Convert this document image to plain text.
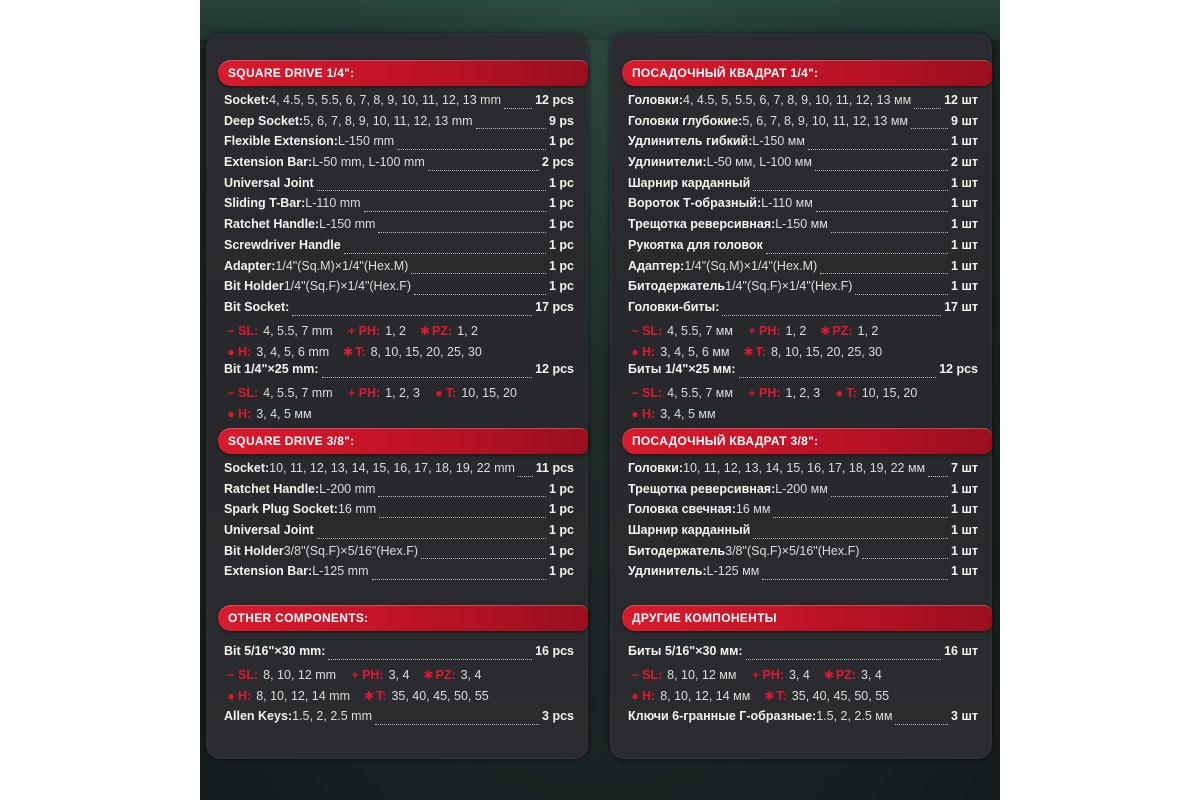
SQUARE DRIVE 1/4":
Socket: 4, 4.5, 5, 5.5, 6, 7, 8, 9, 10, 11, 12, 13 mm	12 pcs
Deep Socket: 5, 6, 7, 8, 9, 10, 11, 12, 13 mm	9 ps
Flexible Extension: L-150 mm	1 pc
Extension Bar: L-50 mm, L-100 mm	2 pcs
Universal Joint	1 pc
Sliding T-Bar: L-110 mm	1 pc
Ratchet Handle: L-150 mm	1 pc
Screwdriver Handle	1 pc
Adapter: 1/4"(Sq.M)×1/4"(Hex.M)	1 pc
Bit Holder 1/4"(Sq.F)×1/4"(Hex.F)	1 pc
Bit Socket:	17 pcs
− SL: 4, 5.5, 7 mm + PH: 1, 2 ✱ PZ: 1, 2
● H: 3, 4, 5, 6 mm ✱ T: 8, 10, 15, 20, 25, 30
Bit 1/4"×25 mm:	12 pcs
− SL: 4, 5.5, 7 mm + PH: 1, 2, 3 ● T: 10, 15, 20
● H: 3, 4, 5 мм
SQUARE DRIVE 3/8":
Socket: 10, 11, 12, 13, 14, 15, 16, 17, 18, 19, 22 mm 11 pcs
Ratchet Handle: L-200 mm	1 pc
Spark Plug Socket: 16 mm	1 pc
Universal Joint	1 pc
Bit Holder 3/8"(Sq.F)×5/16"(Hex.F)	1 pc
Extension Bar: L-125 mm	1 pc
OTHER COMPONENTS:
Bit 5/16"×30 mm:	16 pcs
− SL: 8, 10, 12 mm + PH: 3, 4 ✱ PZ: 3, 4
● H: 8, 10, 12, 14 mm ✱ T: 35, 40, 45, 50, 55
Allen Keys: 1.5, 2, 2.5 mm	3 pcs
ПОСАДОЧНЫЙ КВАДРАТ 1/4":
Головки: 4, 4.5, 5, 5.5, 6, 7, 8, 9, 10, 11, 12, 13 мм	12 шт
Головки глубокие: 5, 6, 7, 8, 9, 10, 11, 12, 13 мм	9 шт
Удлинитель гибкий: L-150 мм	1 шт
Удлинители: L-50 мм, L-100 мм	2 шт
Шарнир карданный	1 шт
Вороток Т-образный: L-110 мм	1 шт
Трещотка реверсивная: L-150 мм	1 шт
Рукоятка для головок	1 шт
Адаптер: 1/4"(Sq.M)×1/4"(Hex.M)	1 шт
Битодержатель 1/4"(Sq.F)×1/4"(Hex.F)	1 шт
Головки-биты:	17 шт
− SL: 4, 5.5, 7 мм + PH: 1, 2 ✱ PZ: 1, 2
● H: 3, 4, 5, 6 мм ✱ T: 8, 10, 15, 20, 25, 30
Биты 1/4"×25 мм:	12 pcs
− SL: 4, 5.5, 7 мм + PH: 1, 2, 3 ● T: 10, 15, 20
● H: 3, 4, 5 мм
ПОСАДОЧНЫЙ КВАДРАТ 3/8":
Головки: 10, 11, 12, 13, 14, 15, 16, 17, 18, 19, 22 мм 7 шт
Трещотка реверсивная: L-200 мм	1 шт
Головка свечная: 16 мм	1 шт
Шарнир карданный	1 шт
Битодержатель 3/8"(Sq.F)×5/16"(Hex.F)	1 шт
Удлинитель: L-125 мм	1 шт
ДРУГИЕ КОМПОНЕНТЫ
Биты 5/16"×30 мм:	16 шт
− SL: 8, 10, 12 мм + PH: 3, 4 ✱ PZ: 3, 4
● H: 8, 10, 12, 14 мм ✱ T: 35, 40, 45, 50, 55
Ключи 6-гранные Г-образные: 1.5, 2, 2.5 мм	3 шт
